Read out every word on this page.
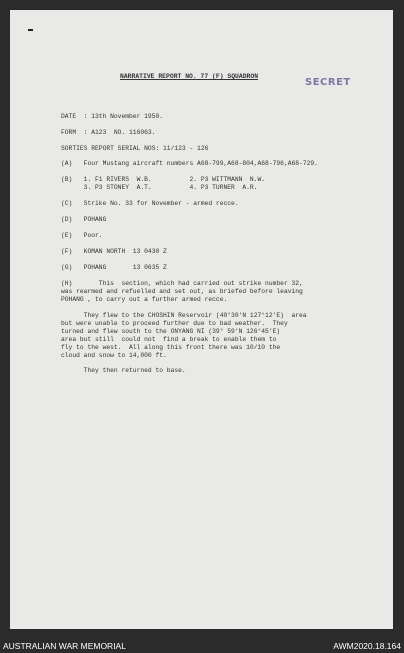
NARRATIVE REPORT NO. 77 (F) SQUADRON
SECRET
DATE  : 13th November 1950.
FORM  : A123  NO. 116063.
SORTIES REPORT SERIAL NOS: 11/123 - 126
(A)   Four Mustang aircraft numbers A68-799,A68-804,A68-796,A68-729.
(B)   1. F1 RIVERS  W.B.          2. P3 WITTMANN  N.W.
3. P3 STONEY  A.T.          4. P3 TURNER  A.R.
(C)   Strike No. 33 for November - armed recce.
(D)   POHANG
(E)   Poor.
(F)   KOMAN NORTH  13 0430 Z
(G)   POHANG       13 0635 Z
(H)       This  section, which had carried out strike number 32,
was rearmed and refuelled and set out, as briefed before leaving
POHANG , to carry out a further armed recce.
They flew to the CHOSHIN Reservoir (40°30'N 127°12'E)  area
but were unable to proceed further due to bad weather.  They
turned and flew south to the ONYANG NI (39° 59'N 126°45'E)
area but still  could not  find a break to enable them to
fly to the west.  All along this front there was 10/10 the
cloud and snow to 14,000 ft.
They then returned to base.
AUSTRALIAN WAR MEMORIAL	AWM2020.18.164
